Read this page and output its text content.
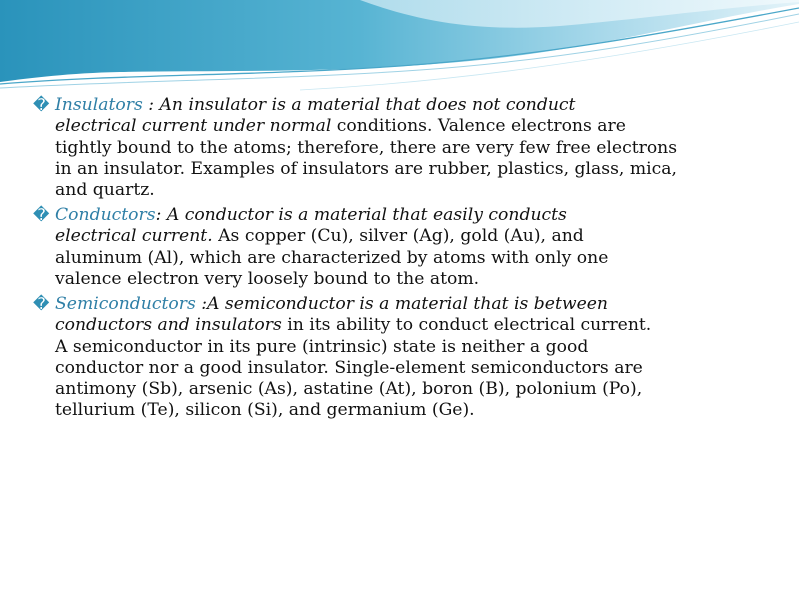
� Insulators : An insulator is a material that does not conduct
electrical current under normal conditions. Valence electrons are
tightly bound to the atoms; therefore, there are very few free electrons
in an insulator. Examples of insulators are rubber, plastics, glass, mica,
and quartz.
� Conductors: A conductor is a material that easily conducts
electrical current. As copper (Cu), silver (Ag), gold (Au), and
aluminum (Al), which are characterized by atoms with only one
valence electron very loosely bound to the atom.
� Semiconductors :A semiconductor is a material that is between
conductors and insulators in its ability to conduct electrical current.
A semiconductor in its pure (intrinsic) state is neither a good
conductor nor a good insulator. Single-element semiconductors are
antimony (Sb), arsenic (As), astatine (At), boron (B), polonium (Po),
tellurium (Te), silicon (Si), and germanium (Ge).
